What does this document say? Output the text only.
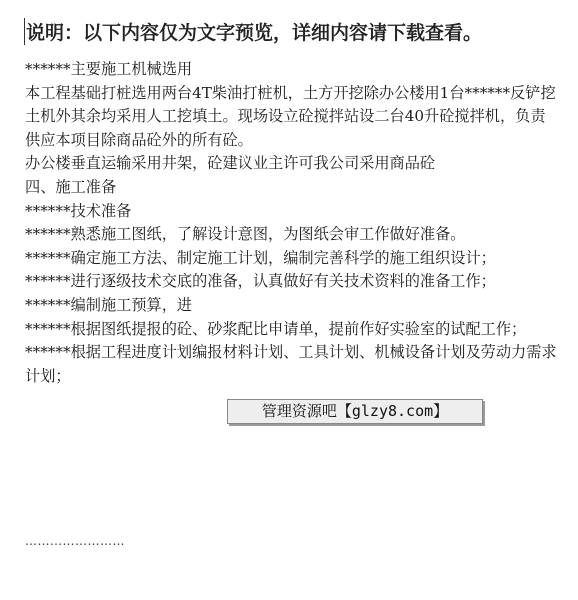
说明：以下内容仅为文字预览，详细内容请下载查看。

******主要施工机械选用

本工程基础打桩选用两台4T柴油打桩机，土方开挖除办公楼用1台******反铲挖土机外其余均采用人工挖填土。现场设立砼搅拌站设二台40升砼搅拌机，负责供应本项目除商品砼外的所有砼。

办公楼垂直运输采用井架，砼建议业主许可我公司采用商品砼

四、施工准备

******技术准备

******熟悉施工图纸，了解设计意图，为图纸会审工作做好准备。

******确定施工方法、制定施工计划，编制完善科学的施工组织设计；

******进行逐级技术交底的准备，认真做好有关技术资料的准备工作；

******编制施工预算，进

******根据图纸提报的砼、砂浆配比申请单，提前作好实验室的试配工作；

******根据工程进度计划编报材料计划、工具计划、机械设备计划及劳动力需求计划；

……………………
管理资源吧【glzy8.com】
